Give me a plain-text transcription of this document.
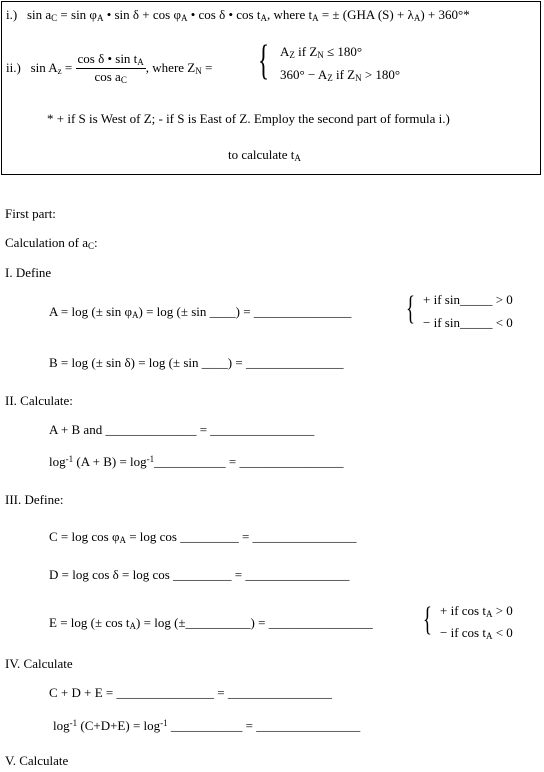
i.) $\sin a_C = \sin \varphi_A$ • $\sin \delta + \cos \varphi_A$ • cos δ • $\cos t_A$, where $t_A$ = ± (GHA $(S) + \lambda_A) + 360^\circ*$
ii.) $\sin A_z = \frac{\cos \delta • \sin t_A}{\cos a_C}$ , where $Z_N$ = { $A_Z$ if $Z_N \le 180^\circ$
$360^\circ - A_Z$ if $Z_N > 180^\circ$
* + if S is West of Z; - if S is East of Z. Employ the second part of formula i.)
to calculate $t_A$
First part:
Calculation of $a_C$:
I. Define
A = log (± $\sin \varphi_A) = \log$ (± sin ____) = _______________ { + if sin_____ > 0
− if sin_____ < 0
B = log (± sin δ) = log (± sin ____) = _______________
II. Calculate:
A + B and ______________ = ________________
$\log^{-1} (A + B)$ = $\log^{-1}\_\_\_\_\_\_\_\_\_\_\_$ = ________________
III. Define:
$C = \log \cos \varphi_A = \log \cos$ _________ = ________________
D = log cos δ = log cos _________ = ________________
E = log (± $\cos t_A) = \log$ (±__________) = ________________ { + if $\cos t_A > 0$
− if $\cos t_A < 0$
IV. Calculate
C + D + E = _______________ = ________________
$\log^{-1} (C+D+E) = \log^{-1}$ ___________ = ________________
V. Calculate
